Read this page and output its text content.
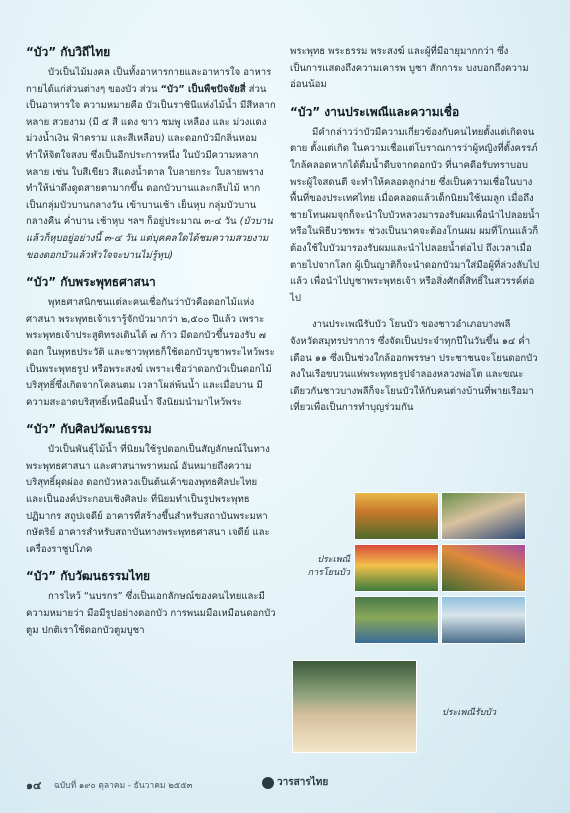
“บัว” กับวิถีไทย

บัวเป็นไม้มงคล เป็นทั้งอาหารกายและอาหารใจ อาหารกายได้แก่ส่วนต่างๆ ของบัว ส่วน “บัว” เป็นพืชปัจจัยสี่ ส่วนเป็นอาหารใจ ความหมายคือ บัวเป็นราชินีแห่งไม้น้ำ มีสีหลากหลาย สวยงาม (มี ๕ สี แดง ขาว ชมพู เหลือง และ ม่วงแดง ม่วงน้ำเงิน ฟ้าคราม และสีเหลือบ) และดอกบัวมีกลิ่นหอม ทำให้จิตใจสงบ ซึ่งเป็นอีกประการหนึ่ง ในบัวมีความหลากหลาย เช่น ใบสีเขียว สีแดงน้ำตาล ใบลายกระ ใบลายพราง ทำให้น่าดึงดูดสายตามากขึ้น ดอกบัวบานและกลีบไม้ หากเป็นกลุ่มบัวบานกลางวัน เข้าบานเช้า เย็นหุบ กลุ่มบัวบานกลางคืน ค่ำบาน เช้าหุบ ฯลฯ ก็อยู่ประมาณ ๓-๔ วัน (บัวบานแล้วก็หุบอยู่อย่างนี้ ๓-๔ วัน แต่บุคคลใดได้ชมความสวยงามของดอกบัวแล้วหัวใจจะบานไม่รู้หุบ)

“บัว” กับพระพุทธศาสนา

พุทธศาสนิกชนแต่ละคนเชื่อกันว่าบัวคือดอกไม้แห่งศาสนา พระพุทธเจ้าเรารู้จักบัวมากว่า ๒,๕๐๐ ปีแล้ว เพราะพระพุทธเจ้าประสูติทรงเดินได้ ๗ ก้าว มีดอกบัวขึ้นรองรับ ๗ ดอก ในพุทธประวัติ และชาวพุทธก็ใช้ดอกบัวบูชาพระไหว้พระเป็นพระพุทธรูป หรือพระสงฆ์ เพราะเชื่อว่าดอกบัวเป็นดอกไม้บริสุทธิ์ซึ่งเกิดจากโคลนตม เวลาโผล่พ้นน้ำ และเมื่อบาน มีความสะอาดบริสุทธิ์เหนือผืนน้ำ จึงนิยมนำมาไหว้พระ

“บัว” กับศิลปวัฒนธรรม

บัวเป็นพันธุ์ไม้น้ำ ที่นิยมใช้รูปดอกเป็นสัญลักษณ์ในทางพระพุทธศาสนา และศาสนาพราหมณ์ อันหมายถึงความบริสุทธิ์ผุดผ่อง ดอกบัวหลวงเป็นต้นเค้าของพุทธศิลปะไทย และเป็นองค์ประกอบเชิงศิลปะ ที่นิยมทำเป็นรูปพระพุทธปฏิมากร สถูปเจดีย์ อาคารที่สร้างขึ้นสำหรับสถาบันพระมหากษัตริย์ อาคารสำหรับสถาบันทางพระพุทธศาสนา เจดีย์ และเครื่องราชูปโภค

“บัว” กับวัฒนธรรมไทย

การไหว้ “นบรกร” ซึ่งเป็นเอกลักษณ์ของคนไทยและมีความหมายว่า มือมีรูปอย่างดอกบัว การพนมมือเหมือนดอกบัวตูม ปกติเราใช้ดอกบัวตูมบูชา

พระพุทธ พระธรรม พระสงฆ์ และผู้ที่มีอายุมากกว่า ซึ่งเป็นการแสดงถึงความเคารพ บูชา สักการะ บงบอกถึงความอ่อนน้อม

“บัว” งานประเพณีและความเชื่อ

มีคำกล่าวว่าบัวมีความเกี่ยวข้องกับคนไทยตั้งแต่เกิดจนตาย ตั้งแต่เกิด ในความเชื่อแต่โบราณการว่าผู้หญิงที่ตั้งครรภ์ใกล้คลอดหากได้ดื่มน้ำดีบจากดอกบัว ที่นาคดีอรับทราบอบพระผู้ใจสดนตี จะทำให้คลอดลูกง่าย ซึ่งเป็นความเชื่อในบางพื้นที่ของประเทศไทย เมื่อคลอดแล้วเด็กนิยมใช้นมลูก เมื่อถึงชายโทนผมจุกก็จะนำใบบัวหลวงมารองรับผมเพื่อนำไปลอยน้ำ หรือในพิธีบวชพระ ช่วงเป็นนาคจะต้องโกนผม ผมที่โกนแล้วก็ต้องใช้ใบบัวมารองรับผมและนำไปลอยน้ำต่อไป ถึงเวลาเมื่อตายไปจากโลก ผู้เป็นญาติก็จะนำดอกบัวมาใส่มือผู้ที่ล่วงลับไปแล้ว เพื่อนำไปบูชาพระพุทธเจ้า หรือสิ่งศักดิ์สิทธิ์ในสวรรค์ต่อไป

งานประเพณีรับบัว โยนบัว ของชาวอำเภอบางพลี จังหวัดสมุทรปราการ ซึ่งจัดเป็นประจำทุกปีในวันขึ้น ๑๔ ค่ำเดือน ๑๑ ซึ่งเป็นช่วงใกล้ออกพรรษา ประชาชนจะโยนดอกบัวลงในเรือขบวนแห่พระพุทธรูปจำลองหลวงพ่อโต และขณะเดียวกันชาวบางพลีก็จะโยนบัวให้กับคนต่างบ้านที่พายเรือมาเที่ยวเพื่อเป็นการทำบุญร่วมกัน

ประเพณีการโยนบัว
ประเพณีรับบัว
๑๔ ฉบับที่ ๑๙๐ ตุลาคม - ธันวาคม ๒๕๕๓	วารสารไทย
